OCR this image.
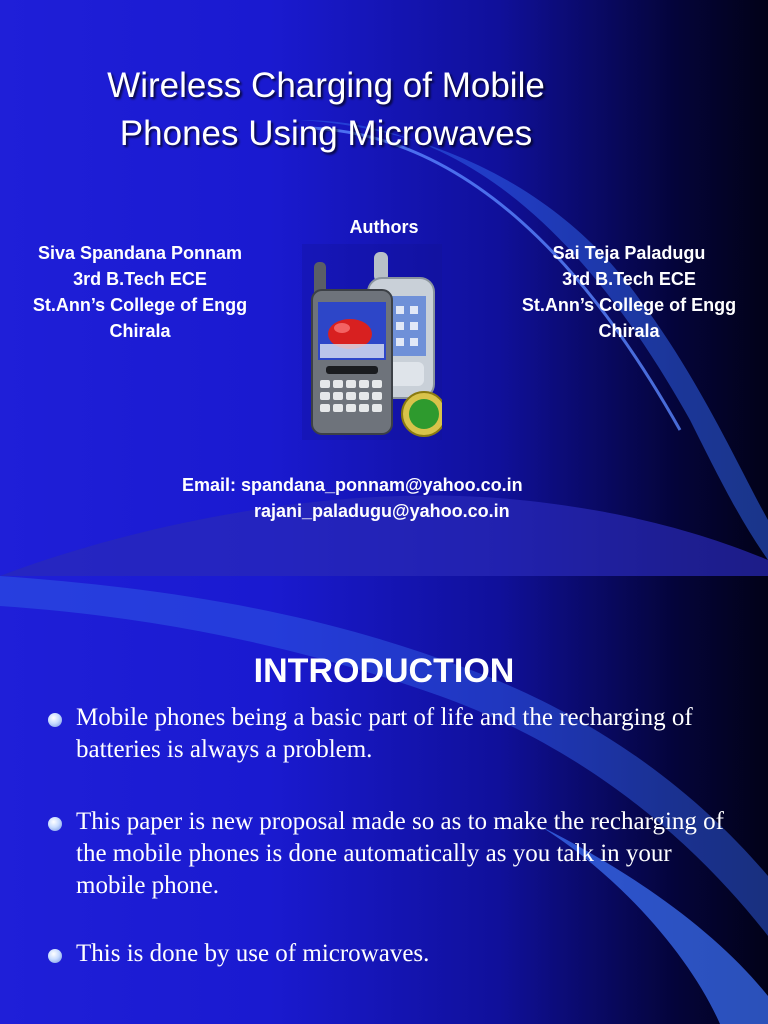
Wireless Charging of Mobile
Phones Using Microwaves
Authors
Siva Spandana Ponnam
3rd B.Tech ECE
St.Ann’s College of Engg
Chirala
Sai Teja Paladugu
3rd B.Tech ECE
St.Ann’s College of Engg
Chirala
Email: spandana_ponnam@yahoo.co.in
rajani_paladugu@yahoo.co.in
INTRODUCTION
Mobile phones being a basic part of life and the recharging of batteries is always a problem.
This paper is new proposal made so as to make the recharging of the mobile phones is done automatically as you talk in your mobile phone.
This is done by use of microwaves.
